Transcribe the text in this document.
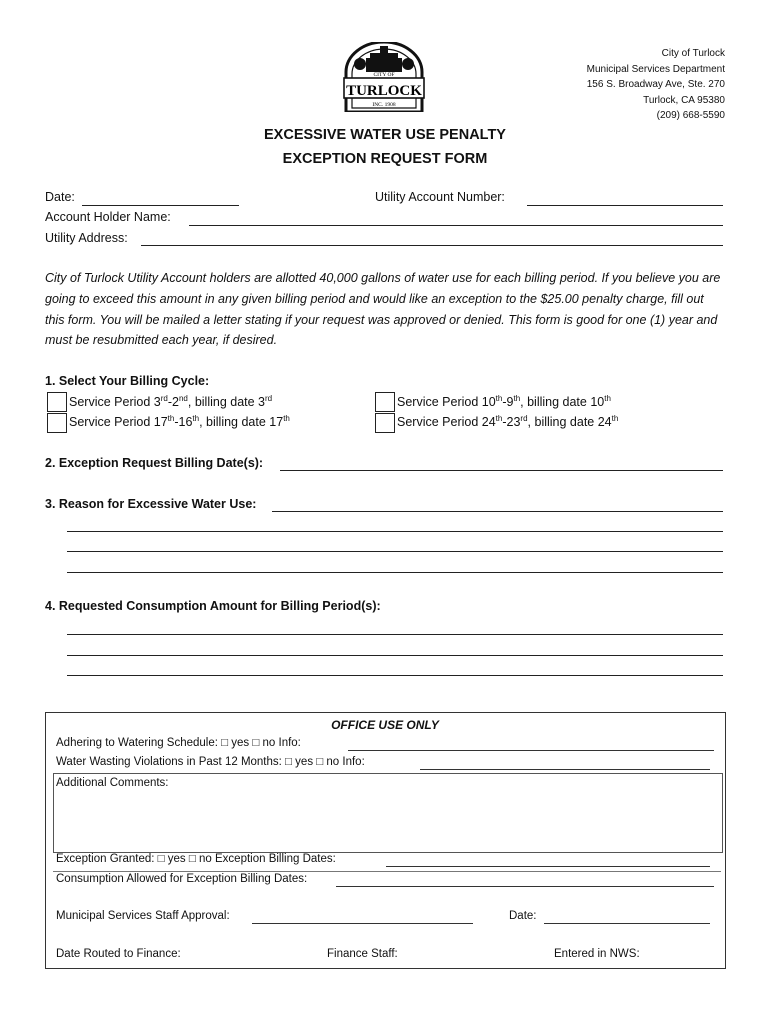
CITY OF
TURLOCK
INC. 1908
City of Turlock
Municipal Services Department
156 S. Broadway Ave, Ste. 270
Turlock, CA 95380
(209) 668-5590
EXCESSIVE WATER USE PENALTY
EXCEPTION REQUEST FORM
Date:	Utility Account Number:
Account Holder Name:
Utility Address:
City of Turlock Utility Account holders are allotted 40,000 gallons of water use for each billing period. If you believe you are going to exceed this amount in any given billing period and would like an exception to the $25.00 penalty charge, fill out this form. You will be mailed a letter stating if your request was approved or denied. This form is good for one (1) year and must be resubmitted each year, if desired.
1. Select Your Billing Cycle:
Service Period 3rd-2nd, billing date 3rd	Service Period 10th-9th, billing date 10th
Service Period 17th-16th, billing date 17th	Service Period 24th-23rd, billing date 24th
2. Exception Request Billing Date(s):
3. Reason for Excessive Water Use:
4. Requested Consumption Amount for Billing Period(s):
OFFICE USE ONLY
Adhering to Watering Schedule: □ yes □ no Info:
Water Wasting Violations in Past 12 Months: □ yes □ no Info:
Additional Comments:
Exception Granted: □ yes □ no Exception Billing Dates:
Consumption Allowed for Exception Billing Dates:
Municipal Services Staff Approval:	Date:
Date Routed to Finance:	Finance Staff:	Entered in NWS:
